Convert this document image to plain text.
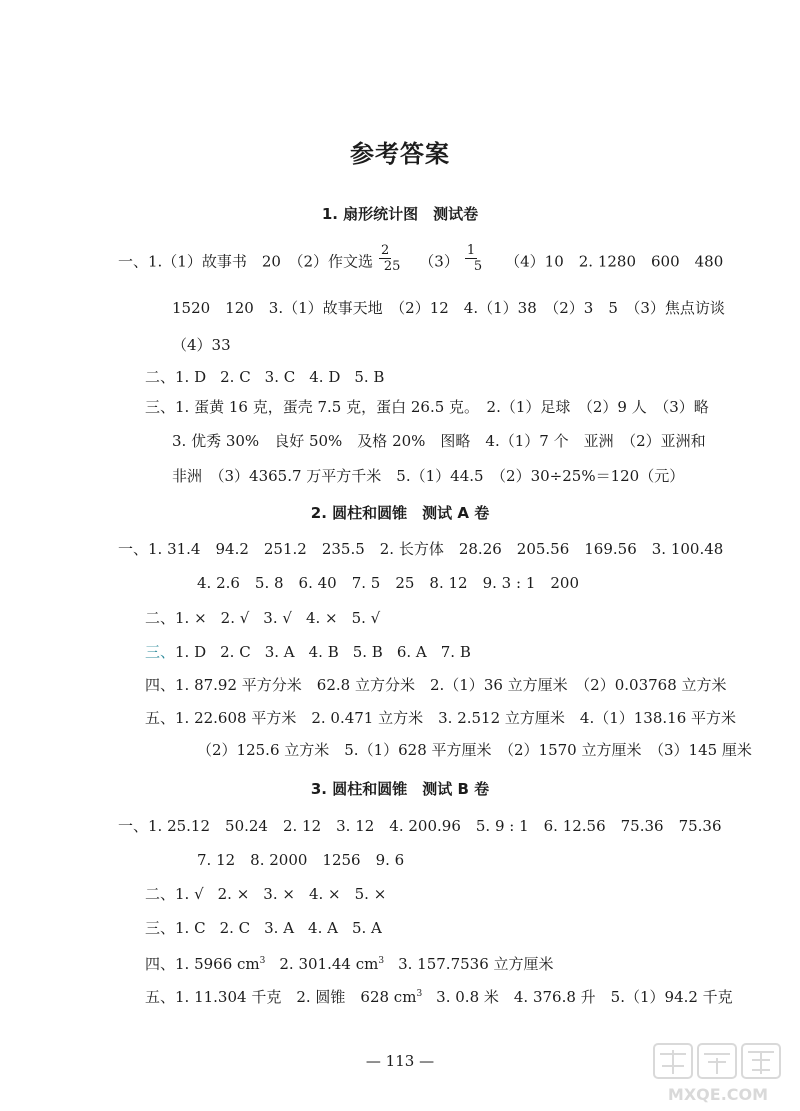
参考答案
1. 扇形统计图　测试卷
一、1.（1）故事书　20　（2）作文选 $\frac{2}{25} (3)$
1
5 （4）10　2. 1280　600　480
1520　120　3.（1）故事天地　（2）12　4.（1）38　（2）3　5　（3）焦点访谈
（4）33
二、1. D 2. C 3. C 4. D 5. B
三、1. 蛋黄 16 克，蛋壳 7.5 克，蛋白 26.5 克。　2.（1）足球　（2）9 人　（3）略
3. 优秀 30%　良好 50%　及格 20%　图略　4.（1）7 个　亚洲　（2）亚洲和
非洲　（3）4365.7 万平方千米　5.（1）44.5　（2）30÷25%＝120（元）
2. 圆柱和圆锥　测试 A 卷
一、1. 31.4　94.2　251.2　235.5　2. 长方体　28.26　205.56　169.56　3. 100.48
4. 2.6　5. 8　6. 40　7. 5　25　8. 12　9. 3 : 1　200
二、1. × 2. √ 3. √ 4. × 5. √
三、1. D 2. C 3. A 4. B 5. B 6. A 7. B
四、1. 87.92 平方分米　62.8 立方分米　2.（1）36 立方厘米　（2）0.03768 立方米
五、1. 22.608 平方米　2. 0.471 立方米　3. 2.512 立方厘米　4.（1）138.16 平方米
（2）125.6 立方米　5.（1）628 平方厘米　（2）1570 立方厘米　（3）145 厘米
3. 圆柱和圆锥　测试 B 卷
一、1. 25.12　50.24　2. 12　3. 12　4. 200.96　5. 9 : 1　6. 12.56　75.36　75.36
7. 12　8. 2000　1256　9. 6
二、1. √ 2. × 3. × 4. × 5. ×
三、1. C 2. C 3. A 4. A 5. A
四、1. 5966 $cm^3$ 2. 301.44 $cm^3$ 3. 157.7536 立方厘米
五、1. 11.304 千克　2. 圆锥　628 $cm^3$ 3. 0.8 米　4. 376.8 升　5.（1）94.2 千克
— 113 —
MXQE.COM
